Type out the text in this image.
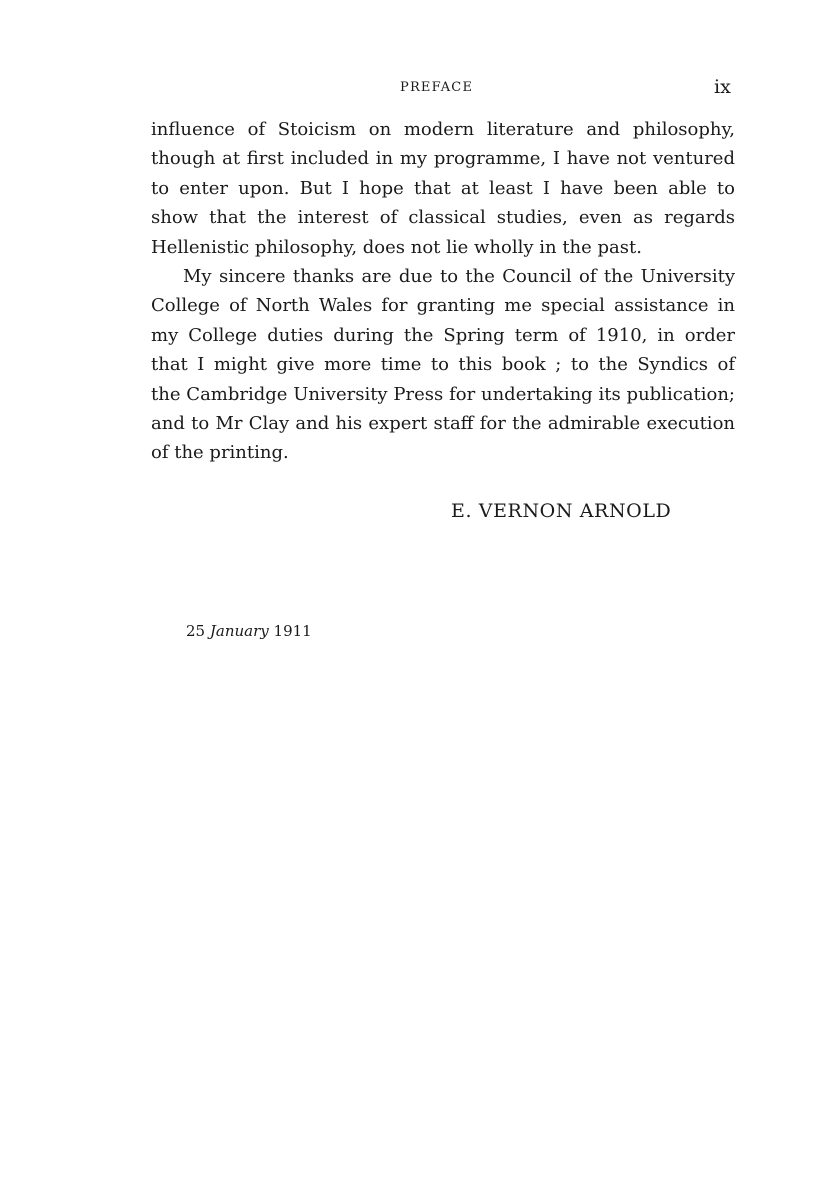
PREFACE	ix
influence of Stoicism on modern literature and philosophy,
though at first included in my programme, I have not ventured
to enter upon. But I hope that at least I have been able to
show that the interest of classical studies, even as regards
Hellenistic philosophy, does not lie wholly in the past.
My sincere thanks are due to the Council of the University
College of North Wales for granting me special assistance in
my College duties during the Spring term of 1910, in order
that I might give more time to this book ; to the Syndics of
the Cambridge University Press for undertaking its publication;
and to Mr Clay and his expert staff for the admirable execution
of the printing.
E. VERNON ARNOLD
25 January 1911
